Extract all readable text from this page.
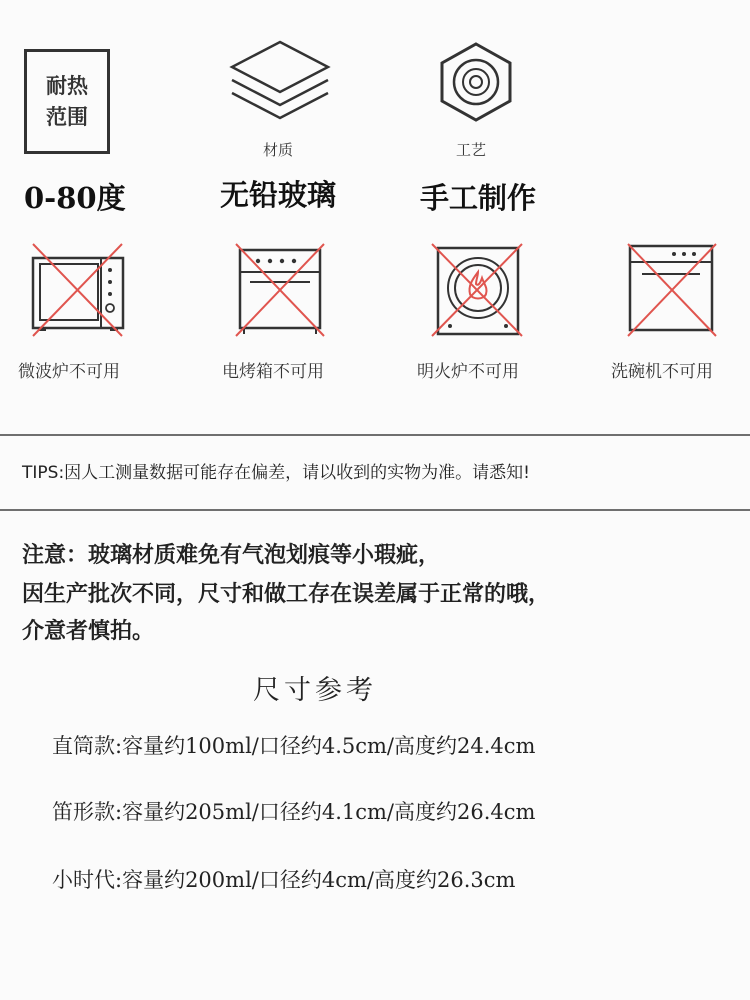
耐热范围
材质	工艺
0-80度	无铅玻璃	手工制作
微波炉不可用	电烤箱不可用	明火炉不可用	洗碗机不可用
TIPS:因人工测量数据可能存在偏差，请以收到的实物为准。请悉知!
注意：玻璃材质难免有气泡划痕等小瑕疵，
因生产批次不同，尺寸和做工存在误差属于正常的哦，
介意者慎拍。
尺寸参考
直筒款:容量约100ml/口径约4.5cm/高度约24.4cm
笛形款:容量约205ml/口径约4.1cm/高度约26.4cm
小时代:容量约200ml/口径约4cm/高度约26.3cm
